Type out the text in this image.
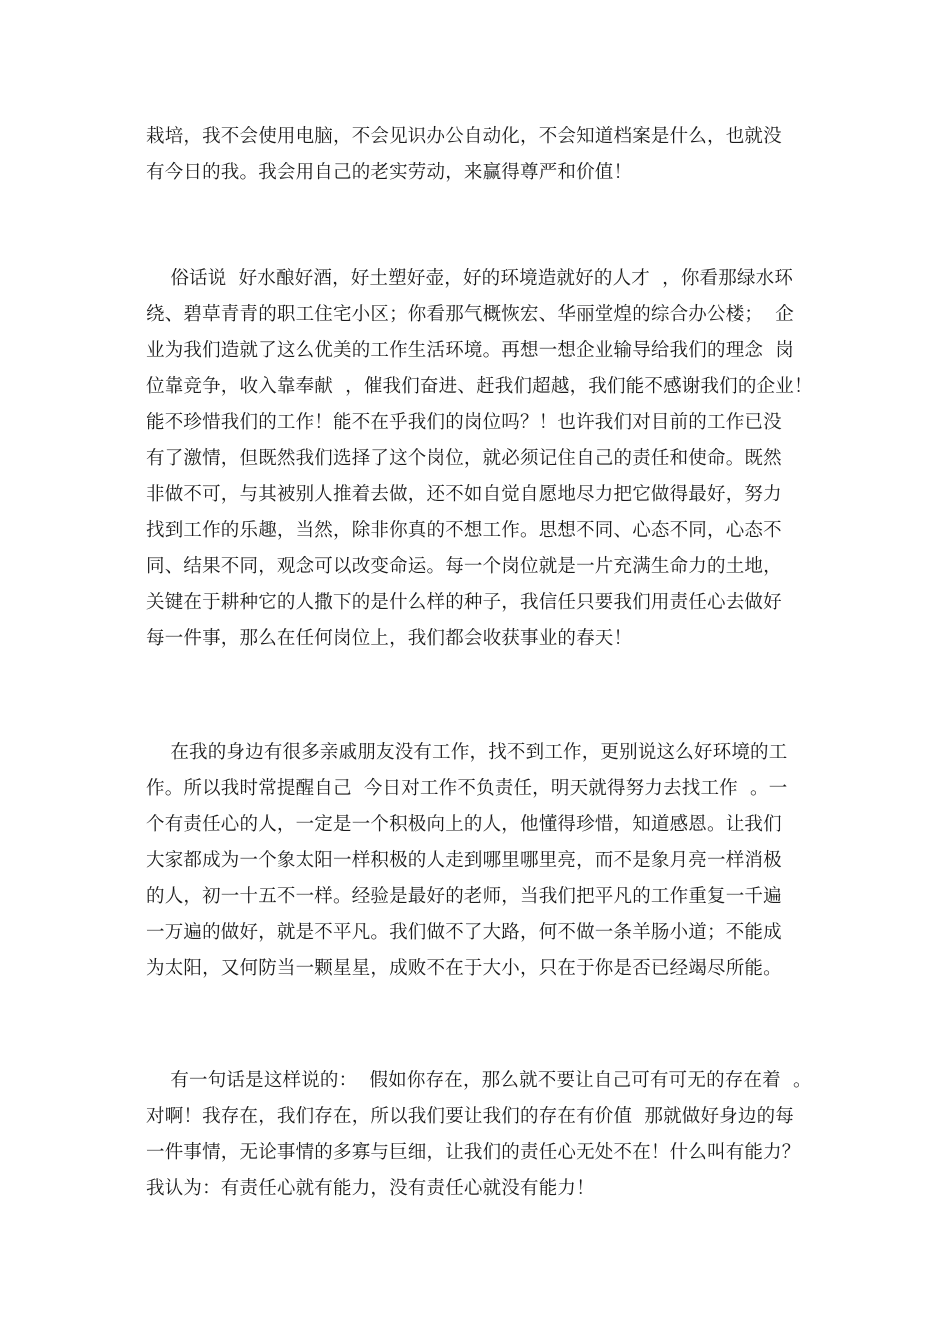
栽培，我不会使用电脑，不会见识办公自动化，不会知道档案是什么，也就没
有今日的我。我会用自己的老实劳动，来赢得尊严和价值！
俗话说  好水酿好酒，好土塑好壶，好的环境造就好的人才  ，你看那绿水环
绕、碧草青青的职工住宅小区；你看那气概恢宏、华丽堂煌的综合办公楼；  企
业为我们造就了这么优美的工作生活环境。再想一想企业输导给我们的理念  岗
位靠竞争，收入靠奉献  ，催我们奋进、赶我们超越，我们能不感谢我们的企业！
能不珍惜我们的工作！能不在乎我们的岗位吗？！也许我们对目前的工作已没
有了激情，但既然我们选择了这个岗位，就必须记住自己的责任和使命。既然
非做不可，与其被别人推着去做，还不如自觉自愿地尽力把它做得最好，努力
找到工作的乐趣，当然，除非你真的不想工作。思想不同、心态不同，心态不
同、结果不同，观念可以改变命运。每一个岗位就是一片充满生命力的土地，
关键在于耕种它的人撒下的是什么样的种子，我信任只要我们用责任心去做好
每一件事，那么在任何岗位上，我们都会收获事业的春天！
在我的身边有很多亲戚朋友没有工作，找不到工作，更别说这么好环境的工
作。所以我时常提醒自己  今日对工作不负责任，明天就得努力去找工作  。一
个有责任心的人，一定是一个积极向上的人，他懂得珍惜，知道感恩。让我们
大家都成为一个象太阳一样积极的人走到哪里哪里亮，而不是象月亮一样消极
的人，初一十五不一样。经验是最好的老师，当我们把平凡的工作重复一千遍
一万遍的做好，就是不平凡。我们做不了大路，何不做一条羊肠小道；不能成
为太阳，又何防当一颗星星，成败不在于大小，只在于你是否已经竭尽所能。
有一句话是这样说的：  假如你存在，那么就不要让自己可有可无的存在着  。
对啊！我存在，我们存在，所以我们要让我们的存在有价值  那就做好身边的每
一件事情，无论事情的多寡与巨细，让我们的责任心无处不在！什么叫有能力？
我认为：有责任心就有能力，没有责任心就没有能力！
